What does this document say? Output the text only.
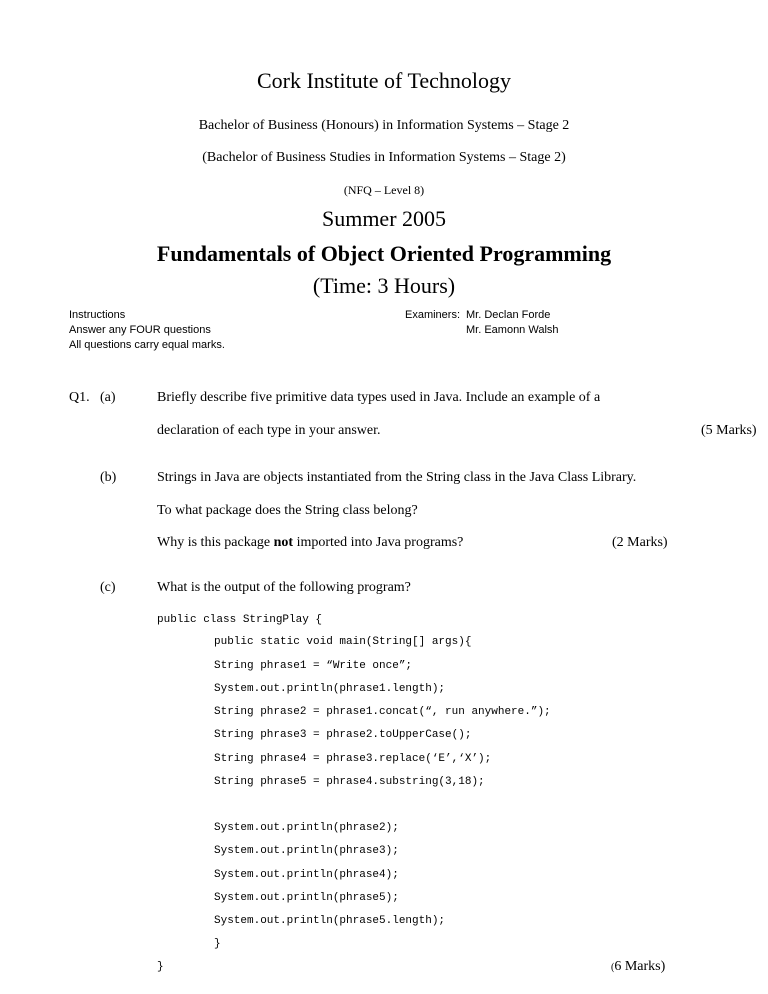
Cork Institute of Technology
Bachelor of Business (Honours) in Information Systems – Stage 2
(Bachelor of Business Studies in Information Systems – Stage 2)
(NFQ – Level 8)
Summer 2005
Fundamentals of Object Oriented Programming
(Time: 3 Hours)
Instructions
Answer any FOUR questions
All questions carry equal marks.
Examiners: Mr. Declan Forde
Mr. Eamonn Walsh
Q1. (a)	Briefly describe five primitive data types used in Java. Include an example of a
declaration of each type in your answer.	(5 Marks)
(b)	Strings in Java are objects instantiated from the String class in the Java Class Library.
To what package does the String class belong?
Why is this package not imported into Java programs?	(2 Marks)
(c)	What is the output of the following program?
public class StringPlay {
public static void main(String[] args){
String phrase1 = “Write once”;
System.out.println(phrase1.length);
String phrase2 = phrase1.concat(“, run anywhere.”);
String phrase3 = phrase2.toUpperCase();
String phrase4 = phrase3.replace(‘E’,‘X’);
String phrase5 = phrase4.substring(3,18);
System.out.println(phrase2);
System.out.println(phrase3);
System.out.println(phrase4);
System.out.println(phrase5);
System.out.println(phrase5.length);
}
}	(6 Marks)
